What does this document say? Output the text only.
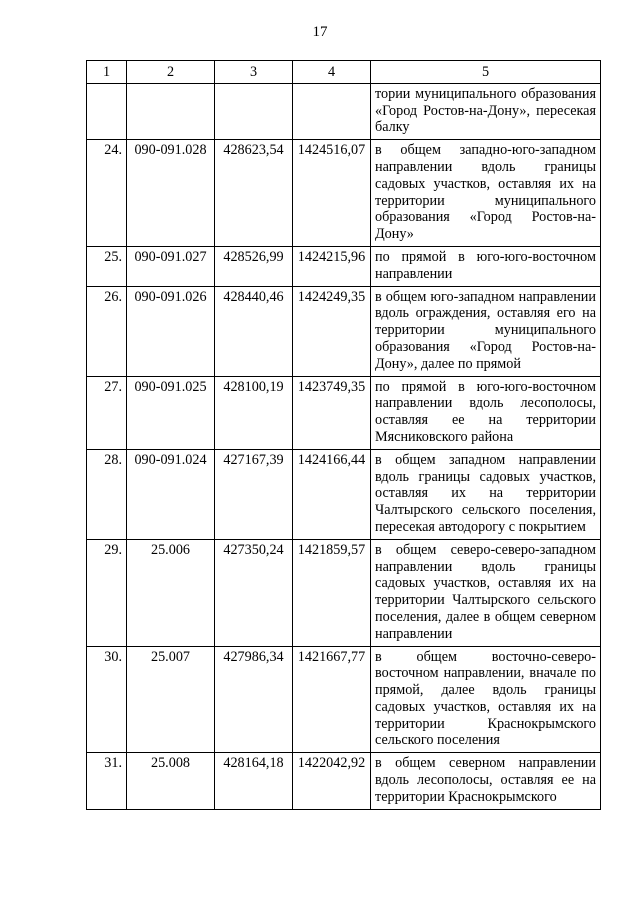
17
1	2	3	4	5
				тории муниципального образования «Город Ростов-на-Дону», пересекая балку
24.	090-091.028	428623,54	1424516,07	в общем западно-юго-западном направлении вдоль границы садовых участков, оставляя их на территории муниципального образования «Город Ростов-на-Дону»
25.	090-091.027	428526,99	1424215,96	по прямой в юго-юго-восточном направлении
26.	090-091.026	428440,46	1424249,35	в общем юго-западном направлении вдоль ограждения, оставляя его на территории муниципального образования «Город Ростов-на-Дону», далее по прямой
27.	090-091.025	428100,19	1423749,35	по прямой в юго-юго-восточном направлении вдоль лесополосы, оставляя ее на территории Мясниковского района
28.	090-091.024	427167,39	1424166,44	в общем западном направлении вдоль границы садовых участков, оставляя их на территории Чалтырского сельского поселения, пересекая автодорогу с покрытием
29.	25.006	427350,24	1421859,57	в общем северо-северо-западном направлении вдоль границы садовых участков, оставляя их на территории Чалтырского сельского поселения, далее в общем северном направлении
30.	25.007	427986,34	1421667,77	в общем восточно-северо-восточном направлении, вначале по прямой, далее вдоль границы садовых участков, оставляя их на территории Краснокрымского сельского поселения
31.	25.008	428164,18	1422042,92	в общем северном направлении вдоль лесополосы, оставляя ее на территории Краснокрымского
